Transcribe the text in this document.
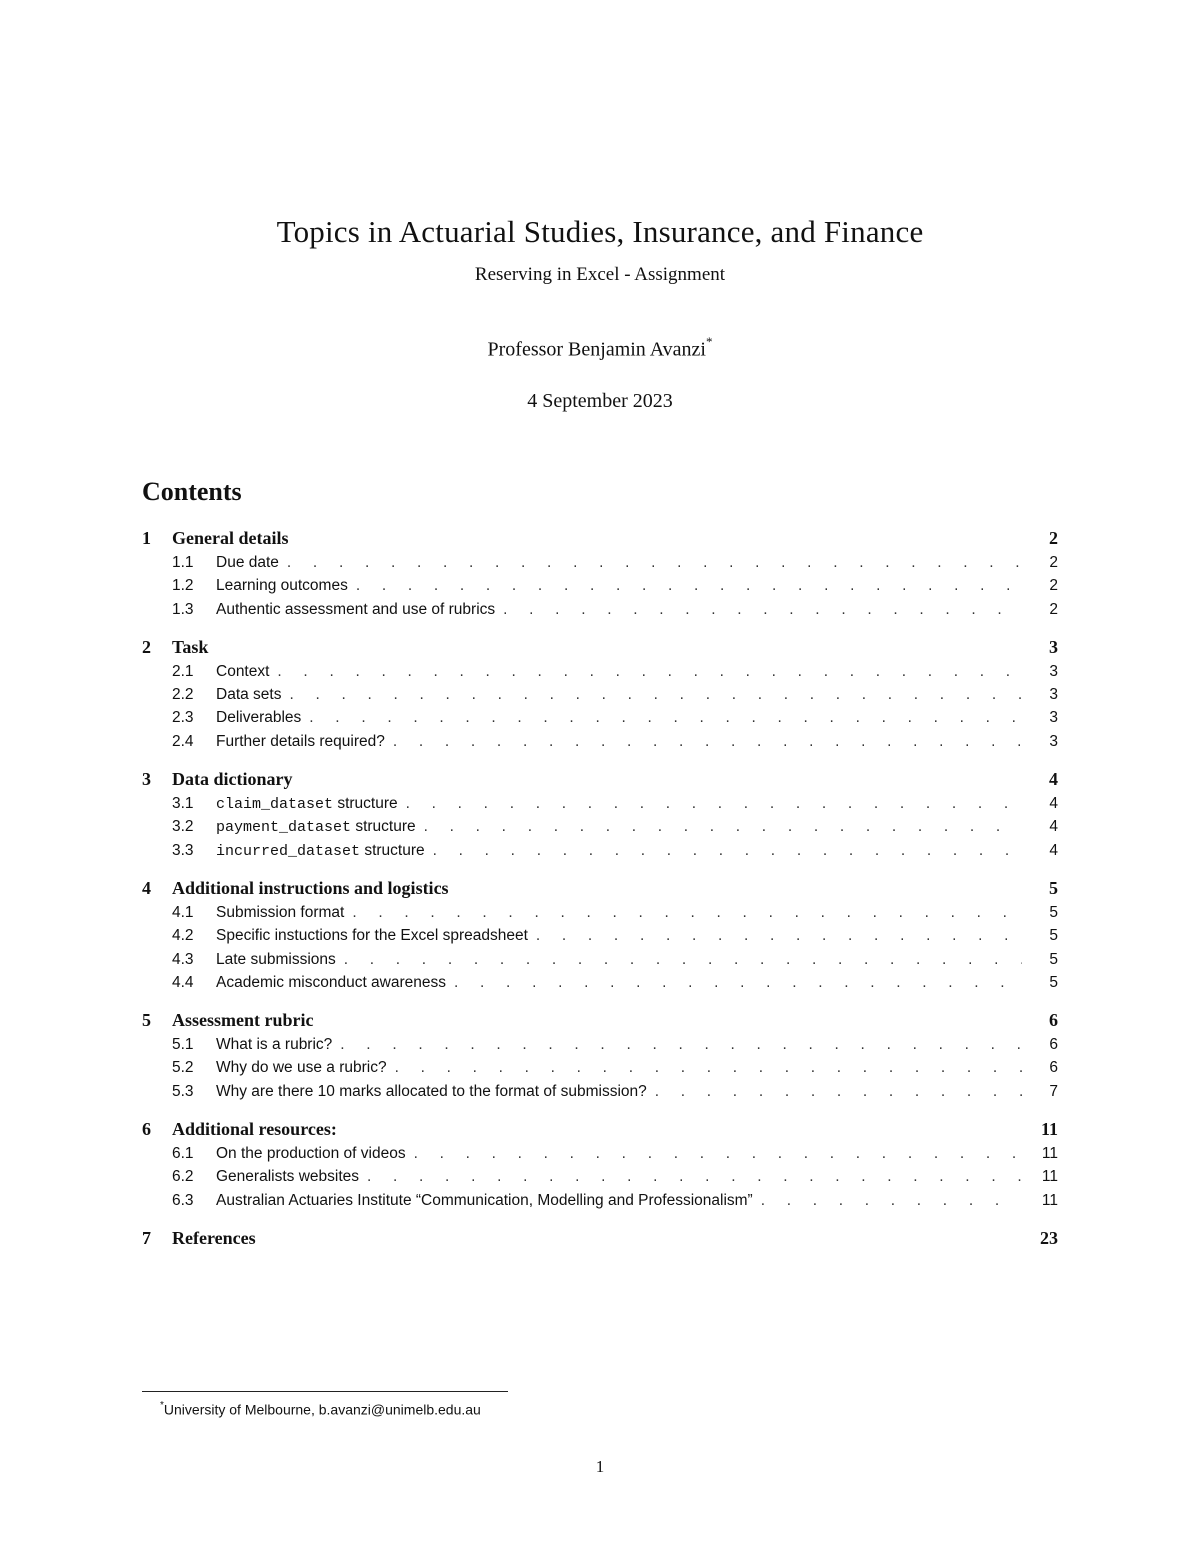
Topics in Actuarial Studies, Insurance, and Finance
Reserving in Excel - Assignment
Professor Benjamin Avanzi*
4 September 2023
Contents
1	General details	2
1.1	Due date . . .	2
1.2	Learning outcomes . . .	2
1.3	Authentic assessment and use of rubrics . . .	2
2	Task	3
2.1	Context . . .	3
2.2	Data sets . . .	3
2.3	Deliverables . . .	3
2.4	Further details required? . . .	3
3	Data dictionary	4
3.1	claim_dataset structure . . .	4
3.2	payment_dataset structure . . .	4
3.3	incurred_dataset structure . . .	4
4	Additional instructions and logistics	5
4.1	Submission format . . .	5
4.2	Specific instuctions for the Excel spreadsheet . . .	5
4.3	Late submissions . . .	5
4.4	Academic misconduct awareness . . .	5
5	Assessment rubric	6
5.1	What is a rubric? . . .	6
5.2	Why do we use a rubric? . . .	6
5.3	Why are there 10 marks allocated to the format of submission? . . .	7
6	Additional resources:	11
6.1	On the production of videos . . .	11
6.2	Generalists websites . . .	11
6.3	Australian Actuaries Institute “Communication, Modelling and Professionalism” . . .	11
7	References	23
*University of Melbourne, b.avanzi@unimelb.edu.au
1
